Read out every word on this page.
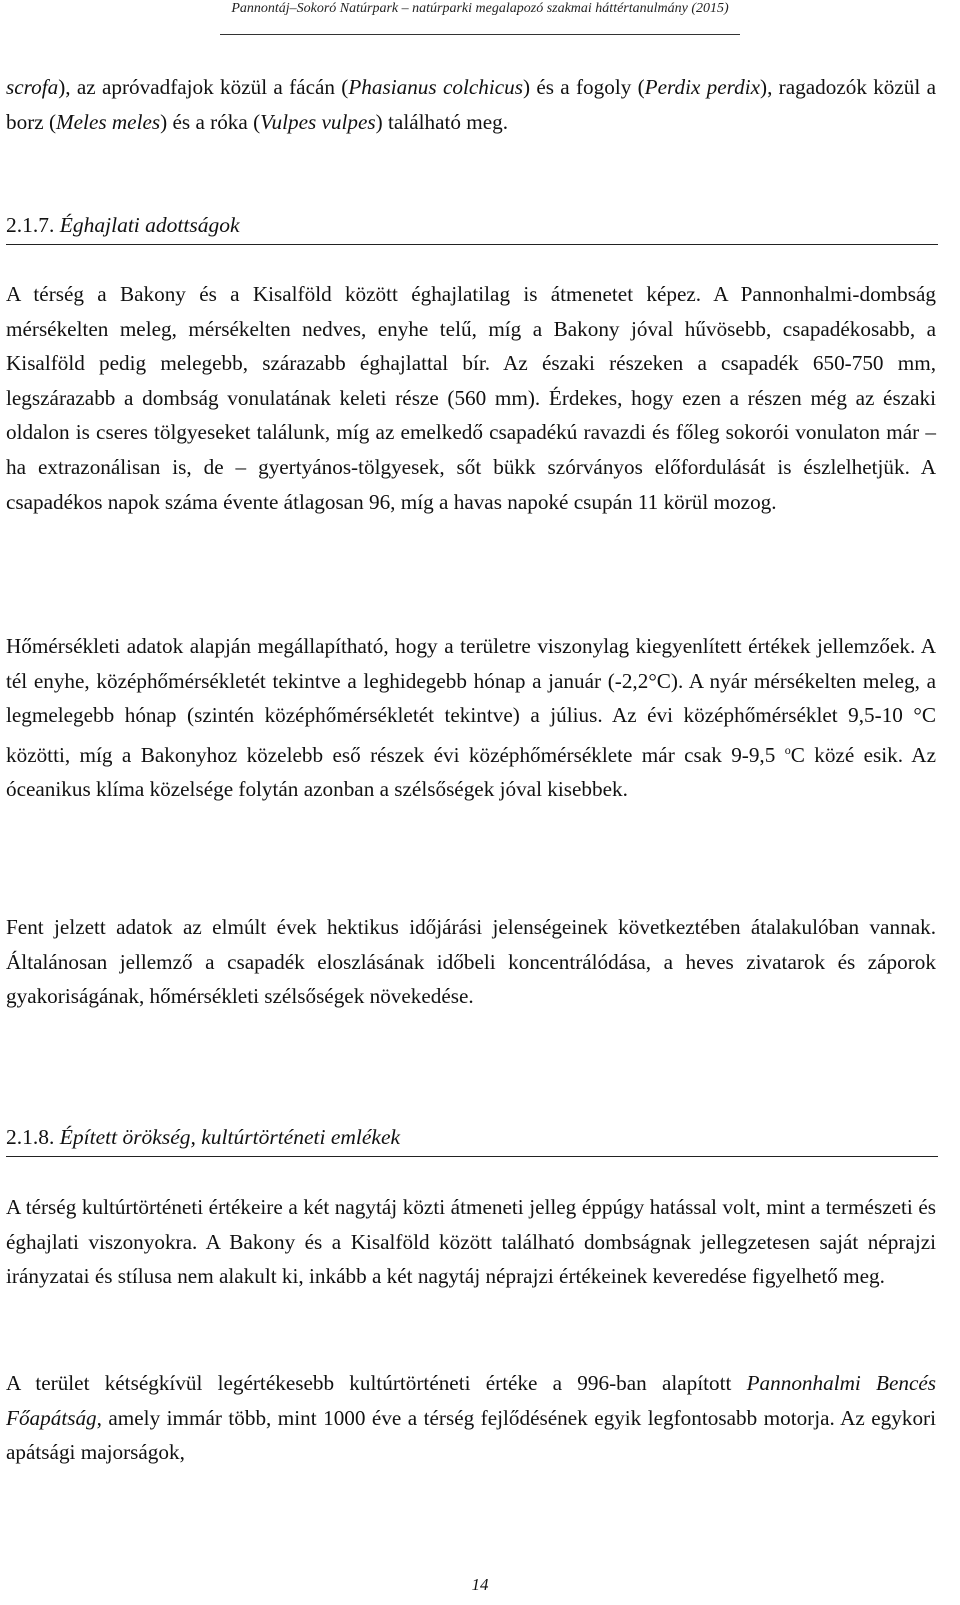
Pannontáj–Sokoró Natúrpark – natúrparki megalapozó szakmai háttértanulmány (2015)

scrofa), az apróvadfajok közül a fácán (Phasianus colchicus) és a fogoly (Perdix perdix), ragadozók közül a borz (Meles meles) és a róka (Vulpes vulpes) található meg.

2.1.7. Éghajlati adottságok

A térség a Bakony és a Kisalföld között éghajlatilag is átmenetet képez. A Pannonhalmi-dombság mérsékelten meleg, mérsékelten nedves, enyhe telű, míg a Bakony jóval hűvösebb, csapadékosabb, a Kisalföld pedig melegebb, szárazabb éghajlattal bír. Az északi részeken a csapadék 650-750 mm, legszárazabb a dombság vonulatának keleti része (560 mm). Érdekes, hogy ezen a részen még az északi oldalon is cseres tölgyeseket találunk, míg az emelkedő csapadékú ravazdi és főleg sokorói vonulaton már – ha extrazonálisan is, de – gyertyános-tölgyesek, sőt bükk szórványos előfordulását is észlelhetjük. A csapadékos napok száma évente átlagosan 96, míg a havas napoké csupán 11 körül mozog.

Hőmérsékleti adatok alapján megállapítható, hogy a területre viszonylag kiegyenlített értékek jellemzőek. A tél enyhe, középhőmérsékletét tekintve a leghidegebb hónap a január (-2,2°C). A nyár mérsékelten meleg, a legmelegebb hónap (szintén középhőmérsékletét tekintve) a július. Az évi középhőmérséklet 9,5-10 °C közötti, míg a Bakonyhoz közelebb eső részek évi középhőmérséklete már csak 9-9,5 $^o$C közé esik. Az óceanikus klíma közelsége folytán azonban a szélsőségek jóval kisebbek.

Fent jelzett adatok az elmúlt évek hektikus időjárási jelenségeinek következtében átalakulóban vannak. Általánosan jellemző a csapadék eloszlásának időbeli koncentrálódása, a heves zivatarok és záporok gyakoriságának, hőmérsékleti szélsőségek növekedése.

2.1.8. Épített örökség, kultúrtörténeti emlékek

A térség kultúrtörténeti értékeire a két nagytáj közti átmeneti jelleg éppúgy hatással volt, mint a természeti és éghajlati viszonyokra. A Bakony és a Kisalföld között található dombságnak jellegzetesen saját néprajzi irányzatai és stílusa nem alakult ki, inkább a két nagytáj néprajzi értékeinek keveredése figyelhető meg.

A terület kétségkívül legértékesebb kultúrtörténeti értéke a 996-ban alapított Pannonhalmi Bencés Főapátság, amely immár több, mint 1000 éve a térség fejlődésének egyik legfontosabb motorja. Az egykori apátsági majorságok,

14
